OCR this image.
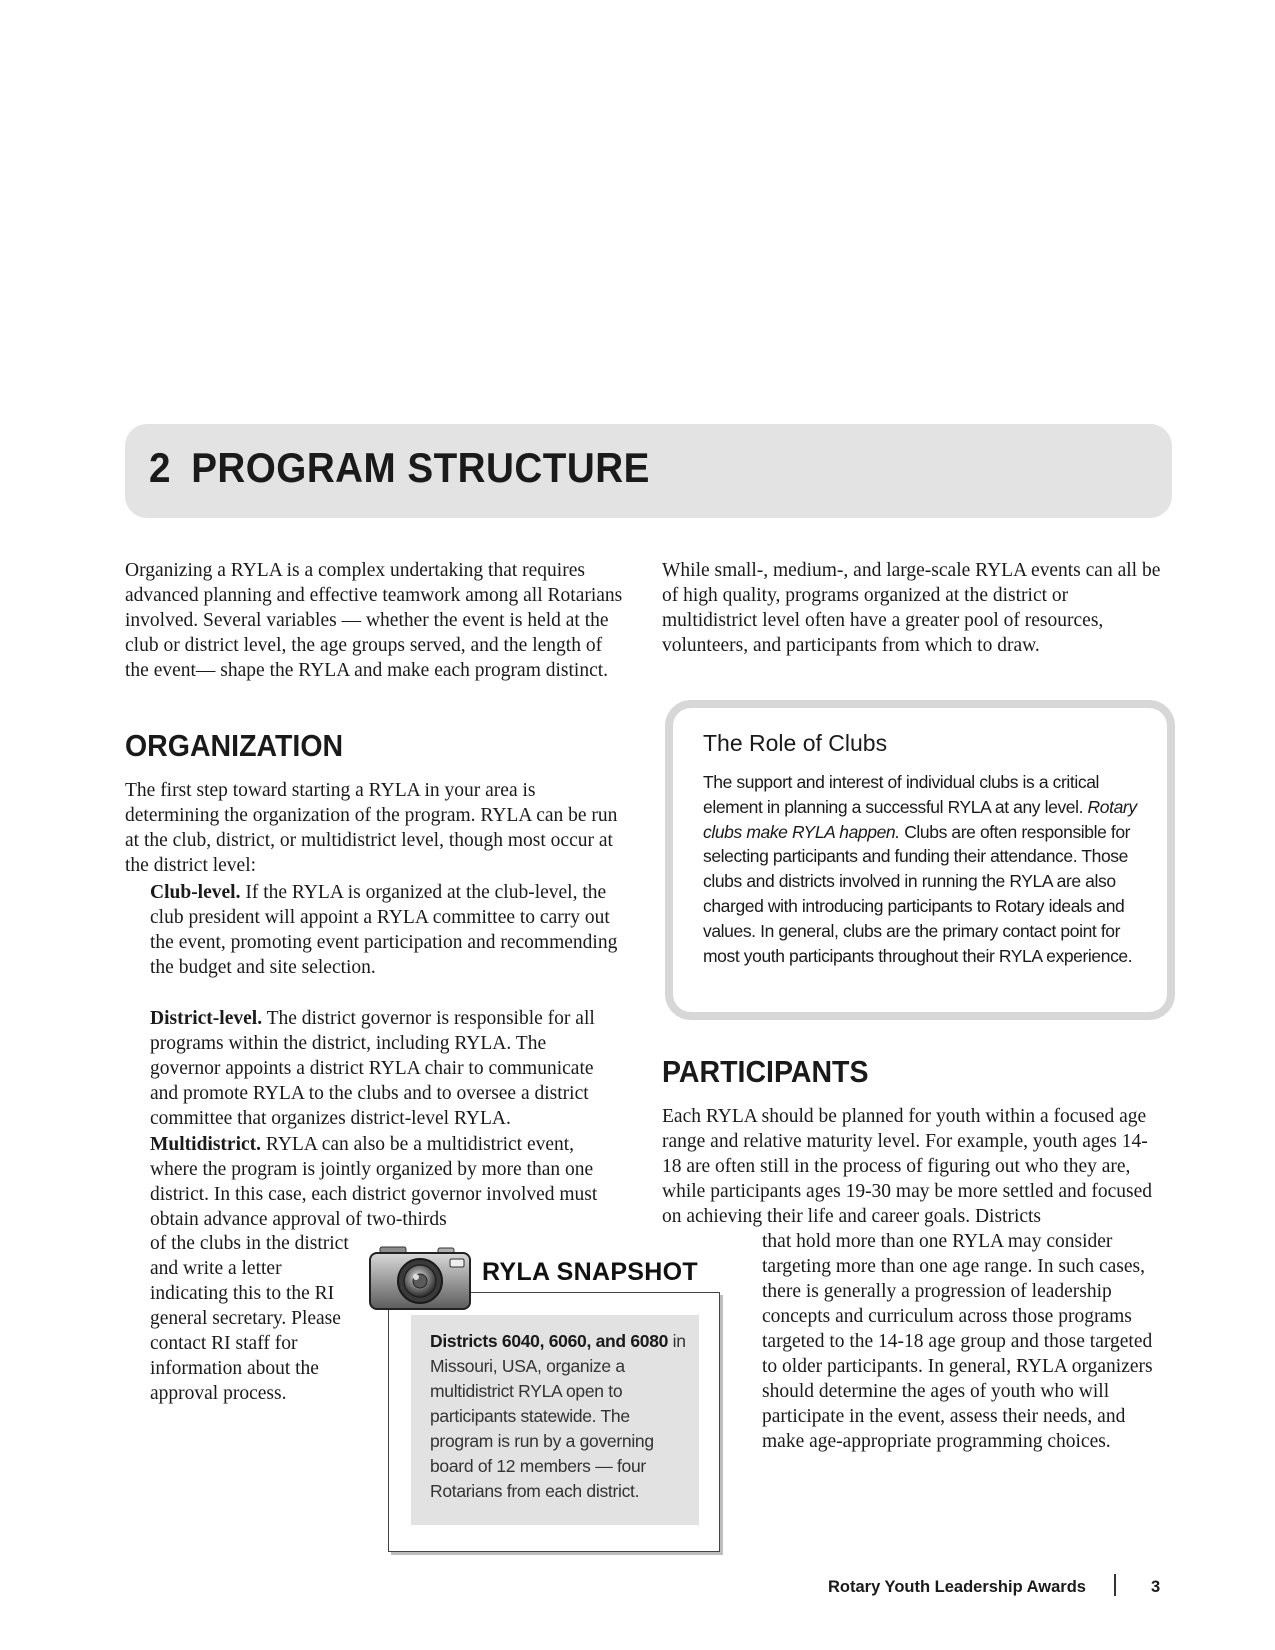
2 PROGRAM STRUCTURE

Organizing a RYLA is a complex undertaking that requires advanced planning and effective teamwork among all Rotarians involved. Several variables — whether the event is held at the club or district level, the age groups served, and the length of the event— shape the RYLA and make each program distinct.

ORGANIZATION

The first step toward starting a RYLA in your area is determining the organization of the program. RYLA can be run at the club, district, or multidistrict level, though most occur at the district level:

Club-level. If the RYLA is organized at the club-level, the club president will appoint a RYLA committee to carry out the event, promoting event participation and recommending the budget and site selection.

District-level. The district governor is responsible for all programs within the district, including RYLA. The governor appoints a district RYLA chair to communicate and promote RYLA to the clubs and to oversee a district committee that organizes district-level RYLA.

Multidistrict. RYLA can also be a multidistrict event, where the program is jointly organized by more than one district. In this case, each district governor involved must obtain advance approval of two-thirds

of the clubs in the district and write a letter indicating this to the RI general secretary. Please contact RI staff for information about the approval process.

While small-, medium-, and large-scale RYLA events can all be of high quality, programs organized at the district or multidistrict level often have a greater pool of resources, volunteers, and participants from which to draw.

The Role of Clubs

The support and interest of individual clubs is a critical element in planning a successful RYLA at any level. Rotary clubs make RYLA happen. Clubs are often responsible for selecting participants and funding their attendance. Those clubs and districts involved in running the RYLA are also charged with introducing participants to Rotary ideals and values. In general, clubs are the primary contact point for most youth participants throughout their RYLA experience.

PARTICIPANTS

Each RYLA should be planned for youth within a focused age range and relative maturity level. For example, youth ages 14-18 are often still in the process of figuring out who they are, while participants ages 19-30 may be more settled and focused on achieving their life and career goals. Districts

that hold more than one RYLA may consider targeting more than one age range. In such cases, there is generally a progression of leadership concepts and curriculum across those programs targeted to the 14-18 age group and those targeted to older participants. In general, RYLA organizers should determine the ages of youth who will participate in the event, assess their needs, and make age-appropriate programming choices.

Districts 6040, 6060, and 6080 in Missouri, USA, organize a multidistrict RYLA open to participants statewide. The program is run by a governing board of 12 members — four Rotarians from each district.

RYLA SNAPSHOT
Rotary Youth Leadership Awards	3
